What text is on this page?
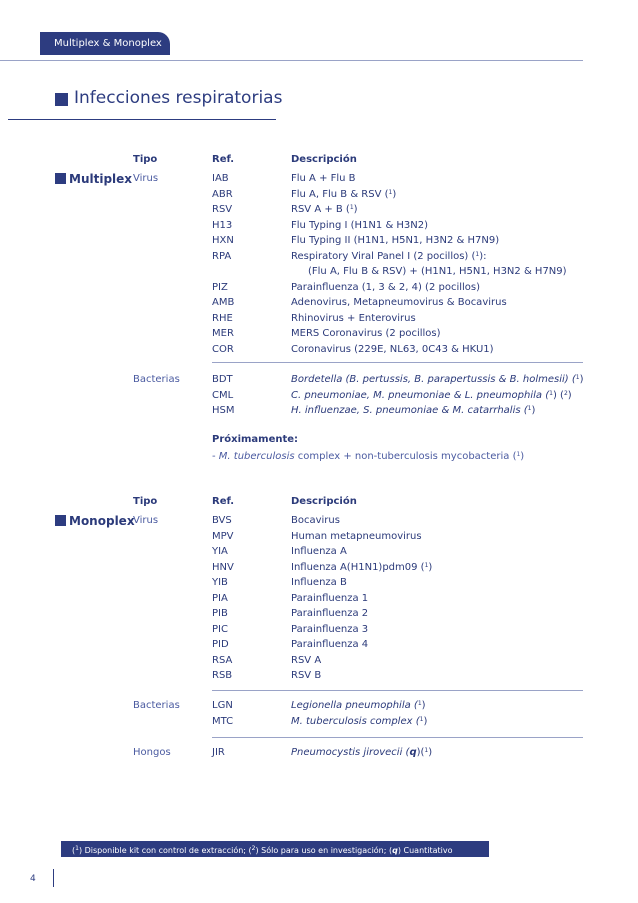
Multiplex & Monoplex
Infecciones respiratorias
Tipo	Ref.	Descripción
Multiplex Virus	IAB	Flu A + Flu B
ABR	Flu A, Flu B & RSV ($^1$)
RSV	RSV A + B ($^1$)
H13	Flu Typing I (H1N1 & H3N2)
HXN	Flu Typing II (H1N1, H5N1, H3N2 & H7N9)
RPA	Respiratory Viral Panel I (2 pocillos) ($^1$):
(Flu A, Flu B & RSV) + (H1N1, H5N1, H3N2 & H7N9)
PIZ	Parainfluenza (1, 3 & 2, 4) (2 pocillos)
AMB	Adenovirus, Metapneumovirus & Bocavirus
RHE	Rhinovirus + Enterovirus
MER	MERS Coronavirus (2 pocillos)
COR	Coronavirus (229E, NL63, 0C43 & HKU1)
Bacterias	BDT	Bordetella (B. pertussis, B. parapertussis & B. holmesii) ($^1$)
CML	C. pneumoniae, M. pneumoniae & L. pneumophila ($^1$) ($^2$)
HSM	H. influenzae, S. pneumoniae & M. catarrhalis ($^1$)
Próximamente:
- M. tuberculosis complex + non-tuberculosis mycobacteria ($^1$)
Tipo	Ref.	Descripción
Monoplex
Virus	BVS	Bocavirus
MPV	Human metapneumovirus
YIA	Influenza A
HNV	Influenza A(H1N1)pdm09 ($^1$)
YIB	Influenza B
PIA	Parainfluenza 1
PIB	Parainfluenza 2
PIC	Parainfluenza 3
PID	Parainfluenza 4
RSA	RSV A
RSB	RSV B
Bacterias	LGN	Legionella pneumophila ($^1$)
MTC	M. tuberculosis complex ($^1$)
Hongos	JIR	Pneumocystis jirovecii (q)($^1$)
($^1$) Disponible kit con control de extracción; ($^2$) Sólo para uso en investigación; (q) Cuantitativo
4
